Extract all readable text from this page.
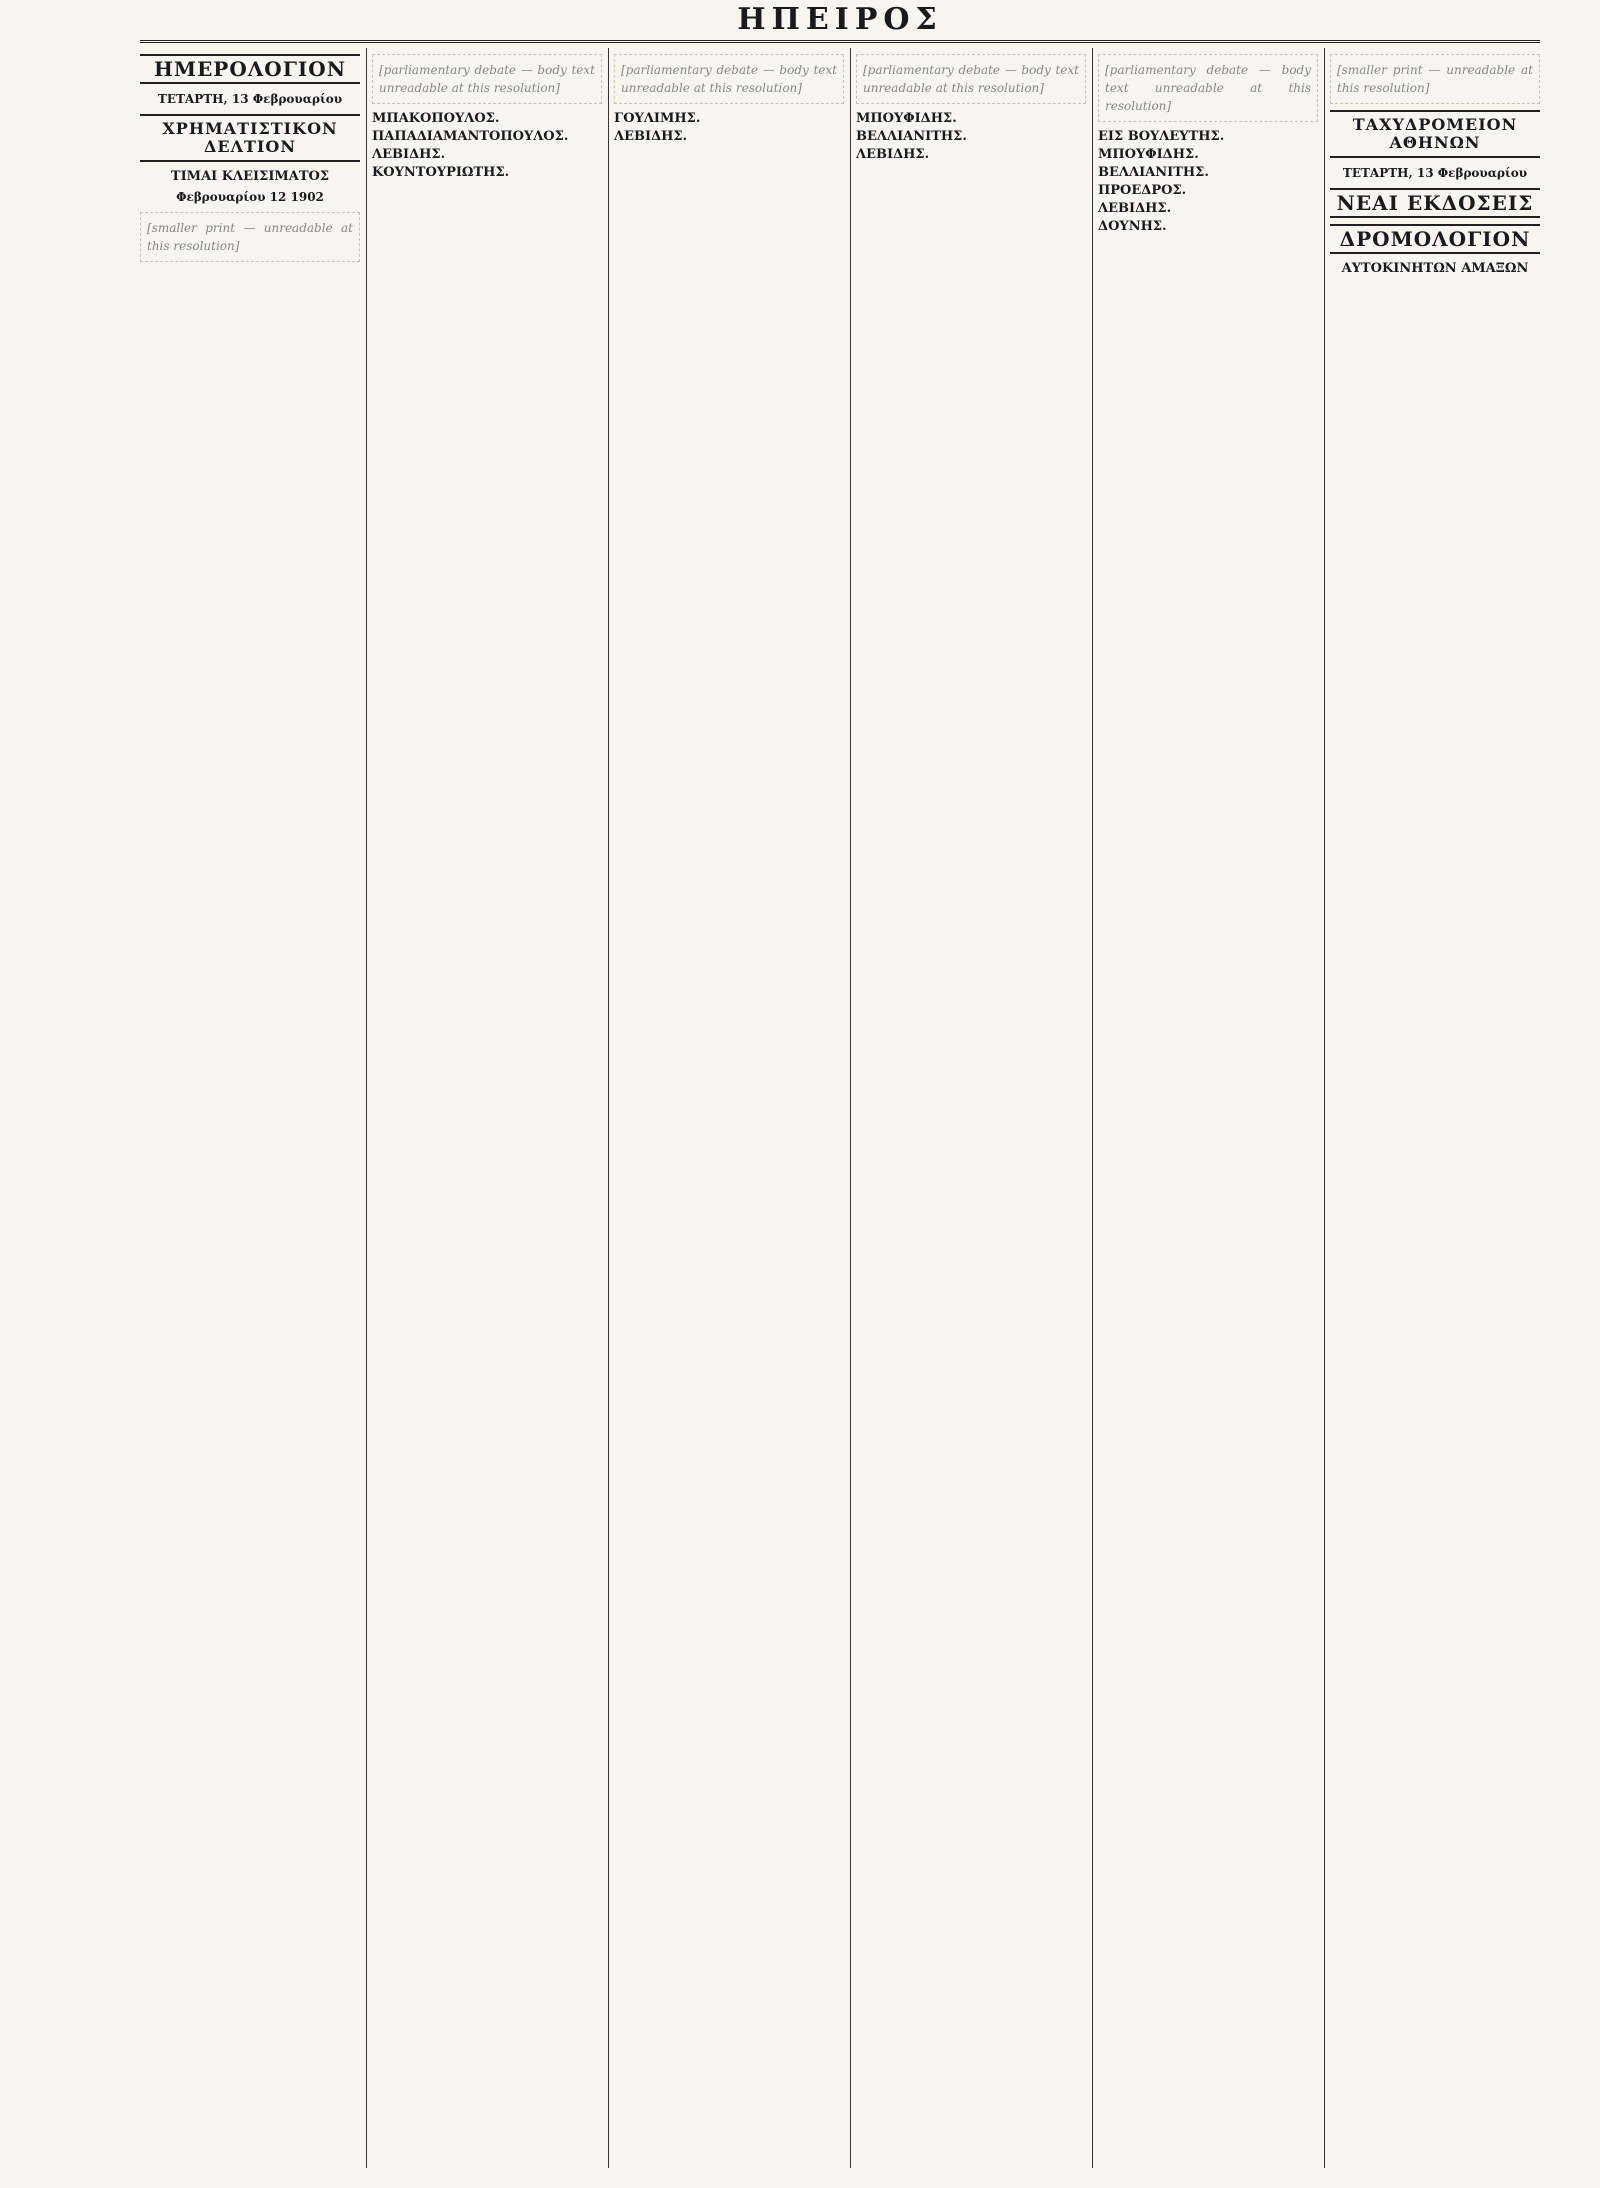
ΗΠΕΙΡΟΣ
ΗΜΕΡΟΛΟΓΙΟΝ
ΤΕΤΑΡΤΗ, 13 Φεβρουαρίου
ΧΡΗΜΑΤΙΣΤΙΚΟΝ ΔΕΛΤΙΟΝ
ΤΙΜΑΙ ΚΛΕΙΣΙΜΑΤΟΣ
Φεβρουαρίου 12 1902
[smaller print — unreadable at this resolution]
[parliamentary debate — body text unreadable at this resolution]
ΜΠΑΚΟΠΟΥΛΟΣ.
ΠΑΠΑΔΙΑΜΑΝΤΟΠΟΥΛΟΣ.
ΛΕΒΙΔΗΣ.
ΚΟΥΝΤΟΥΡΙΩΤΗΣ.
[parliamentary debate — body text unreadable at this resolution]
ΓΟΥΛΙΜΗΣ.
ΛΕΒΙΔΗΣ.
[parliamentary debate — body text unreadable at this resolution]
ΜΠΟΥΦΙΔΗΣ.
ΒΕΛΛΙΑΝΙΤΗΣ.
ΛΕΒΙΔΗΣ.
[parliamentary debate — body text unreadable at this resolution]
ΕΙΣ ΒΟΥΛΕΥΤΗΣ.
ΜΠΟΥΦΙΔΗΣ.
ΒΕΛΛΙΑΝΙΤΗΣ.
ΠΡΟΕΔΡΟΣ.
ΛΕΒΙΔΗΣ.
ΔΟΥΝΗΣ.
[smaller print — unreadable at this resolution]
ΤΑΧΥΔΡΟΜΕΙΟΝ ΑΘΗΝΩΝ
ΤΕΤΑΡΤΗ, 13 Φεβρουαρίου
ΝΕΑΙ ΕΚΔΟΣΕΙΣ
ΔΡΟΜΟΛΟΓΙΟΝ
ΑΥΤΟΚΙΝΗΤΩΝ ΑΜΑΞΩΝ
